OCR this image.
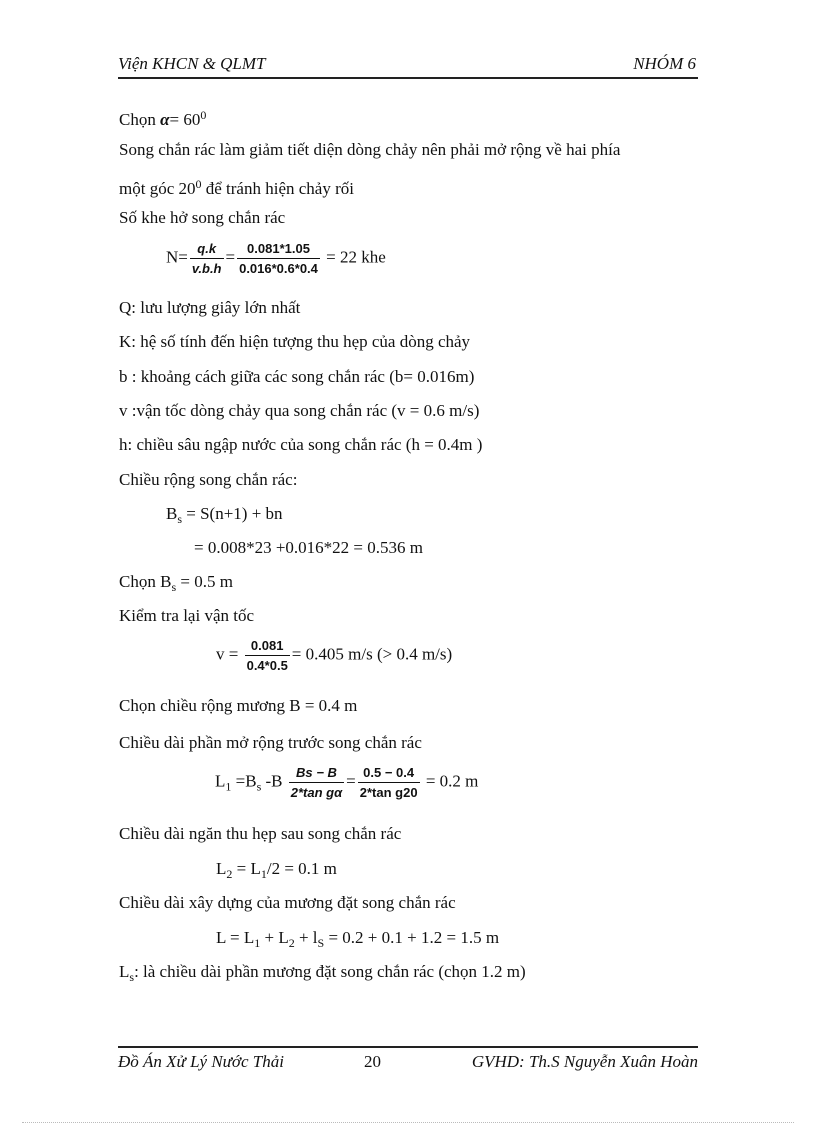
Viện KHCN & QLMT	NHÓM 6
Chọn $\alpha= 60^0$
Song chắn rác làm giảm tiết diện dòng chảy nên phải mở rộng về hai phía
một góc $20^0$ để tránh hiện chảy rối
Số khe hở song chắn rác
$N= \frac{q.k}{v.b.h} = \frac{0.081*1.05}{0.016*0.6*0.4} = 22$ khe
Q: lưu lượng giây lớn nhất
K: hệ số tính đến hiện tượng thu hẹp của dòng chảy
b : khoảng cách giữa các song chắn rác (b= 0.016m)
v :vận tốc dòng chảy qua song chắn rác (v = 0.6 m/s)
h: chiều sâu ngập nước của song chắn rác (h = 0.4m )
Chiều rộng song chắn rác:
$B_s = S(n+1)$ + bn
= 0.008*23 +0.016*22 = 0.536 m
Chọn $B_s = 0.5$ m
Kiểm tra lại vận tốc
$v = \frac{0.081}{0.4*0.5} = 0.405$ m/s (> 0.4 m/s)
Chọn chiều rộng mương B = 0.4 m
Chiều dài phần mở rộng trước song chắn rác
$L_1 =B_s$ $-B \frac{Bs - B}{\text{2*tan gα}} = \frac{0.5 - 0.4}{\text{2*tan g20}} = 0.2$ m
Chiều dài ngăn thu hẹp sau song chắn rác
$L_2 = L_1/2 = 0.1$ m
Chiều dài xây dựng của mương đặt song chắn rác
$L = L_1 + L_2 + l_S = 0.2 + 0.1 + 1.2 = 1.5$ m
$L_s$: là chiều dài phần mương đặt song chắn rác (chọn 1.2 m)
Đồ Án Xử Lý Nước Thải	20	GVHD: Th.S Nguyễn Xuân Hoàn
